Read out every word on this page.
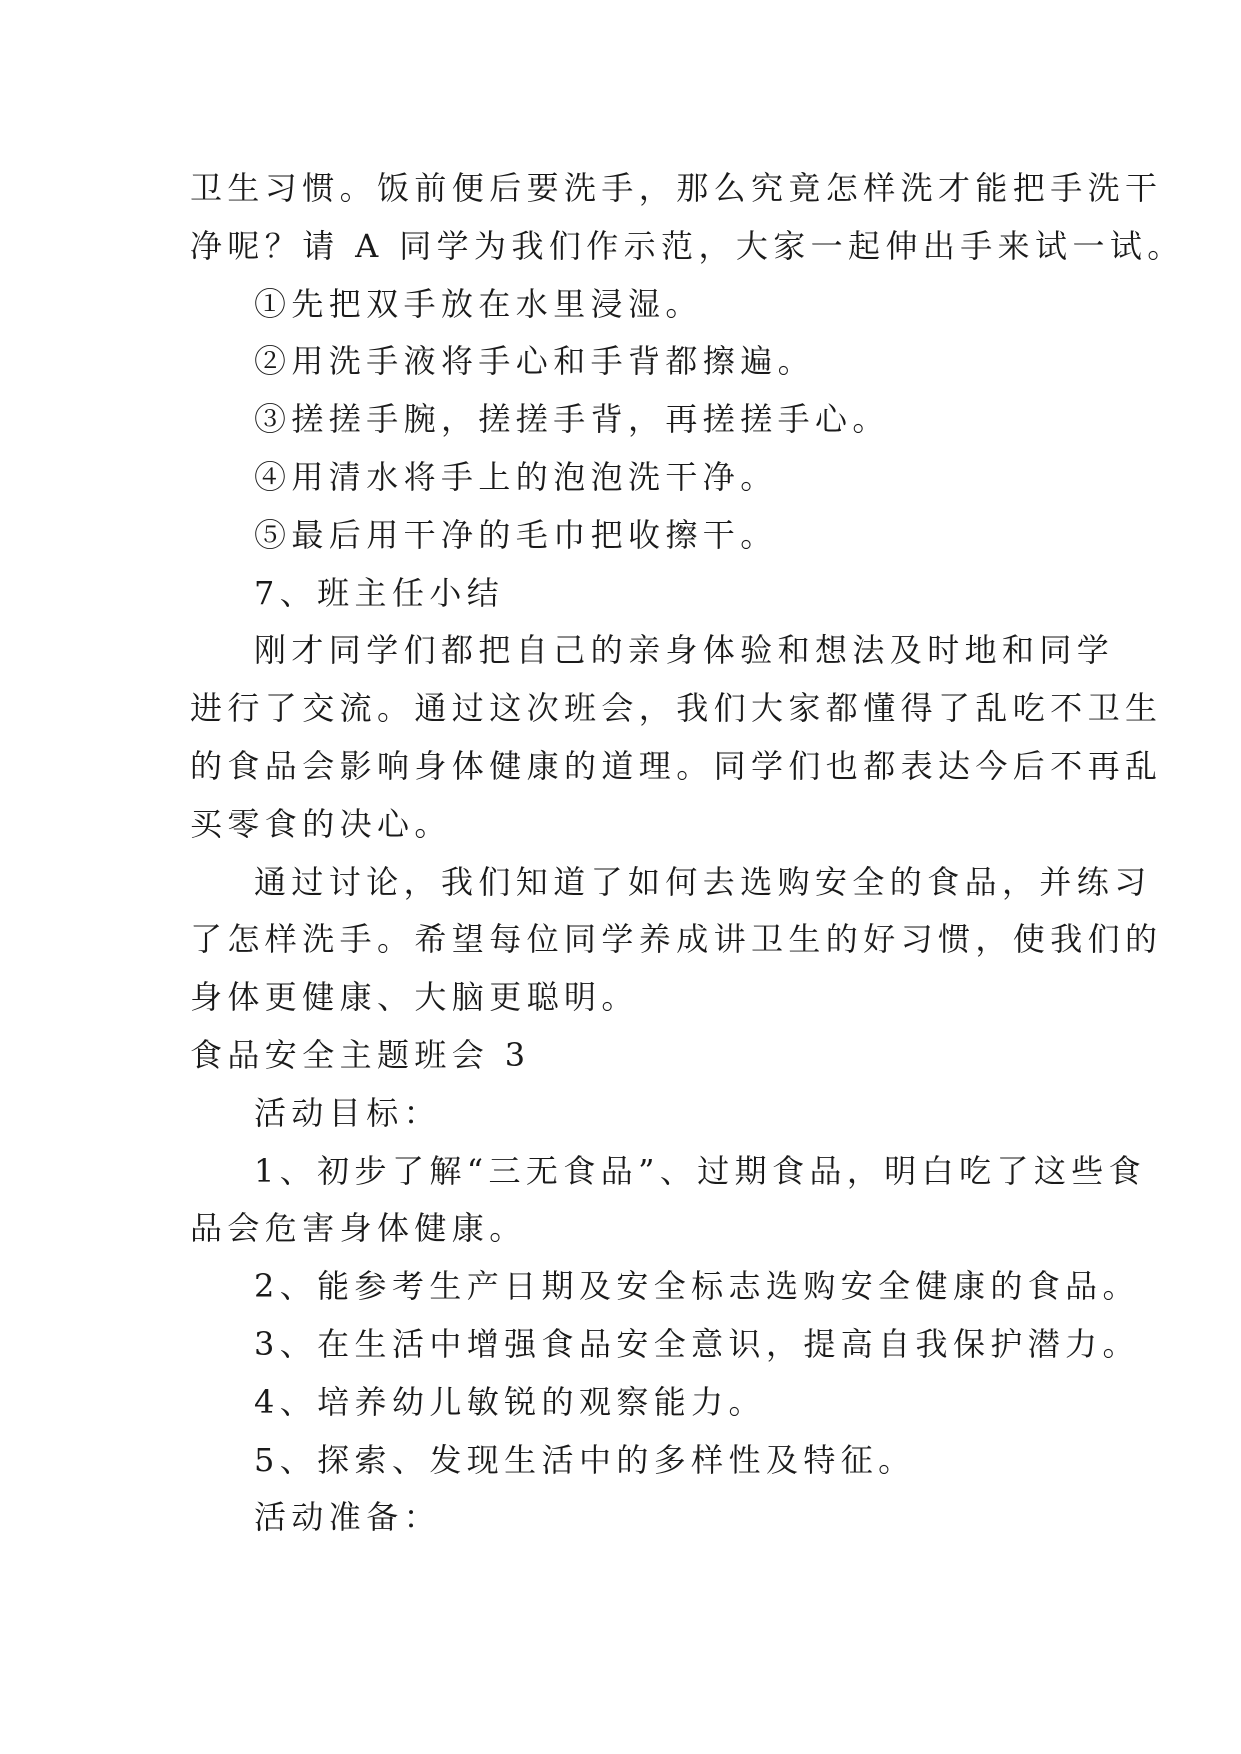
卫生习惯。饭前便后要洗手，那么究竟怎样洗才能把手洗干
净呢？请 A 同学为我们作示范，大家一起伸出手来试一试。
①先把双手放在水里浸湿。
②用洗手液将手心和手背都擦遍。
③搓搓手腕，搓搓手背，再搓搓手心。
④用清水将手上的泡泡洗干净。
⑤最后用干净的毛巾把收擦干。
7、班主任小结
刚才同学们都把自己的亲身体验和想法及时地和同学
进行了交流。通过这次班会，我们大家都懂得了乱吃不卫生
的食品会影响身体健康的道理。同学们也都表达今后不再乱
买零食的决心。
通过讨论，我们知道了如何去选购安全的食品，并练习
了怎样洗手。希望每位同学养成讲卫生的好习惯，使我们的
身体更健康、大脑更聪明。
食品安全主题班会 3
活动目标：
1、初步了解“三无食品”、过期食品，明白吃了这些食
品会危害身体健康。
2、能参考生产日期及安全标志选购安全健康的食品。
3、在生活中增强食品安全意识，提高自我保护潜力。
4、培养幼儿敏锐的观察能力。
5、探索、发现生活中的多样性及特征。
活动准备：
